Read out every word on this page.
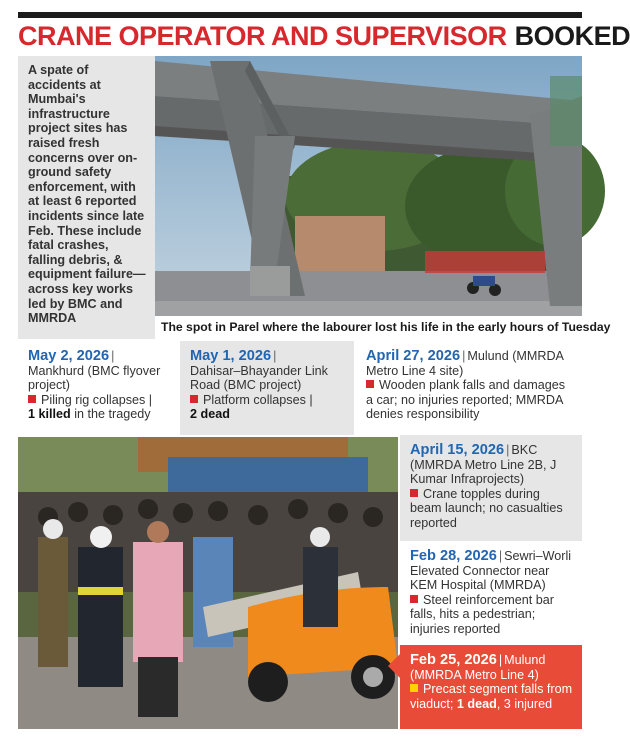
CRANE OPERATOR AND SUPERVISOR BOOKED
A spate of accidents at Mumbai's infrastructure project sites has raised fresh concerns over on-ground safety enforcement, with at least 6 reported incidents since late Feb. These include fatal crashes, falling debris, & equipment failure—across key works led by BMC and MMRDA
The spot in Parel where the labourer lost his life in the early hours of Tuesday
May 2, 2026 |
Mankhurd (BMC flyover project)
Piling rig collapses |
1 killed in the tragedy
May 1, 2026 |
Dahisar–Bhayander Link Road (BMC project)
Platform collapses |
2 dead
April 27, 2026 | Mulund (MMRDA Metro Line 4 site)
Wooden plank falls and damages a car; no injuries reported; MMRDA denies responsibility
April 15, 2026 | BKC (MMRDA Metro Line 2B, J Kumar Infraprojects)
Crane topples during beam launch; no casualties reported
Feb 28, 2026 | Sewri–Worli Elevated Connector near KEM Hospital (MMRDA)
Steel reinforcement bar falls, hits a pedestrian; injuries reported
Feb 25, 2026 | Mulund (MMRDA Metro Line 4)
Precast segment falls from viaduct; 1 dead, 3 injured
